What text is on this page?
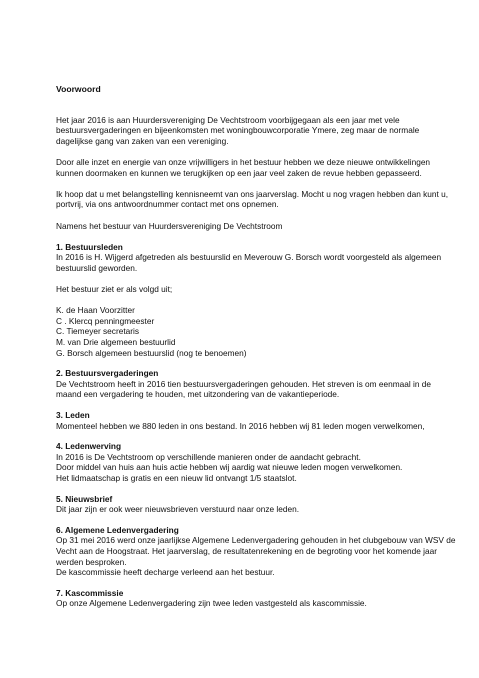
Voorwoord

Het jaar 2016 is aan Huurdersvereniging De Vechtstroom voorbijgegaan als een jaar met vele bestuursvergaderingen en bijeenkomsten met woningbouwcorporatie Ymere, zeg maar de normale dagelijkse gang van zaken van een vereniging.

Door alle inzet en energie van onze vrijwilligers in het bestuur hebben we deze nieuwe ontwikkelingen kunnen doormaken en kunnen we terugkijken op een jaar veel zaken de revue hebben gepasseerd.

Ik hoop dat u met belangstelling kennisneemt van ons jaarverslag. Mocht u nog vragen hebben dan kunt u, portvrij, via ons antwoordnummer contact met ons opnemen.

Namens het bestuur van Huurdersvereniging De Vechtstroom

1. Bestuursleden

In 2016 is H. Wijgerd afgetreden als bestuurslid en Meverouw G. Borsch wordt voorgesteld als algemeen bestuurslid geworden.

Het bestuur ziet er als volgd uit;

K. de Haan Voorzitter
C . Klercq penningmeester
C. Tiemeyer secretaris
M. van Drie algemeen bestuurlid
G. Borsch algemeen bestuurslid (nog te benoemen)
2. Bestuursvergaderingen

De Vechtstroom heeft in 2016 tien bestuursvergaderingen gehouden. Het streven is om eenmaal in de maand een vergadering te houden, met uitzondering van de vakantieperiode.

3. Leden

Momenteel hebben we 880 leden in ons bestand. In 2016 hebben wij 81 leden mogen verwelkomen,

4. Ledenwerving

In 2016 is De Vechtstroom op verschillende manieren onder de aandacht gebracht.

Door middel van huis aan huis actie hebben wij aardig wat nieuwe leden mogen verwelkomen.

Het lidmaatschap is gratis en een nieuw lid ontvangt 1/5 staatslot.

5. Nieuwsbrief

Dit jaar zijn er ook weer nieuwsbrieven verstuurd naar onze leden.

6. Algemene Ledenvergadering

Op 31 mei 2016 werd onze jaarlijkse Algemene Ledenvergadering gehouden in het clubgebouw van WSV de Vecht aan de Hoogstraat. Het jaarverslag, de resultatenrekening en de begroting voor het komende jaar werden besproken.

De kascommissie heeft decharge verleend aan het bestuur.

7. Kascommissie

Op onze Algemene Ledenvergadering zijn twee leden vastgesteld als kascommissie.
